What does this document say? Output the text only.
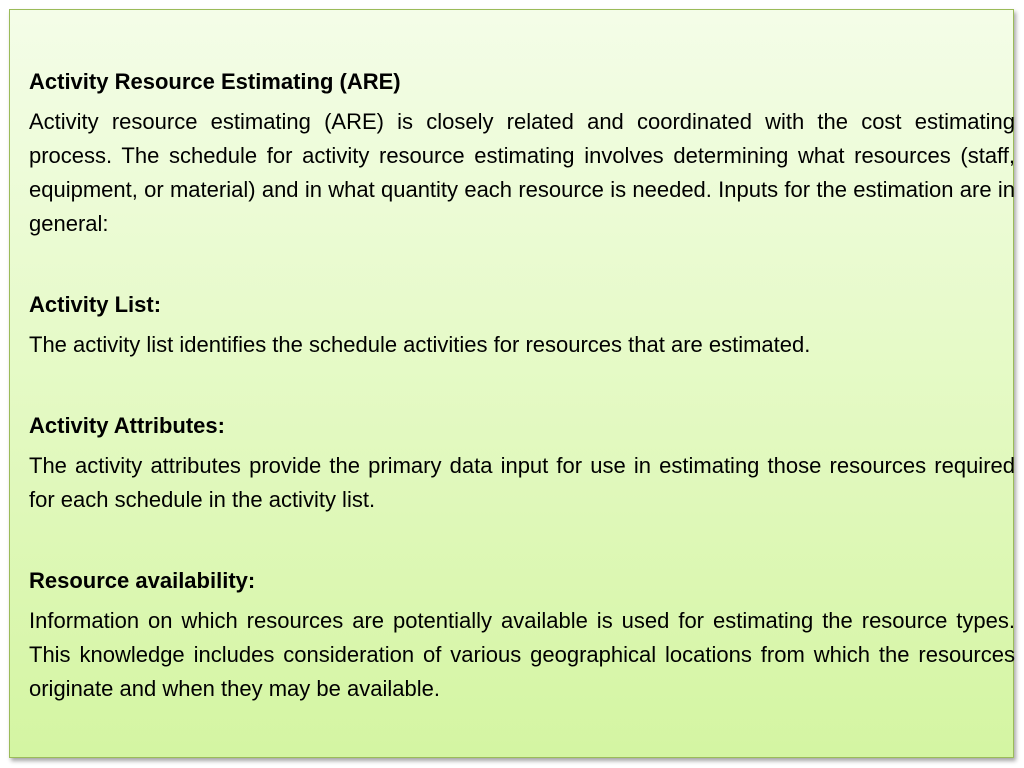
Activity Resource Estimating (ARE)

Activity resource estimating (ARE) is closely related and coordinated with the cost estimating process. The schedule for activity resource estimating involves determining what resources (staff, equipment, or material) and in what quantity each resource is needed. Inputs for the estimation are in general:

Activity List:

The activity list identifies the schedule activities for resources that are estimated.

Activity Attributes:

The activity attributes provide the primary data input for use in estimating those resources required for each schedule in the activity list.

Resource availability:

Information on which resources are potentially available is used for estimating the resource types. This knowledge includes consideration of various geographical locations from which the resources originate and when they may be available.
